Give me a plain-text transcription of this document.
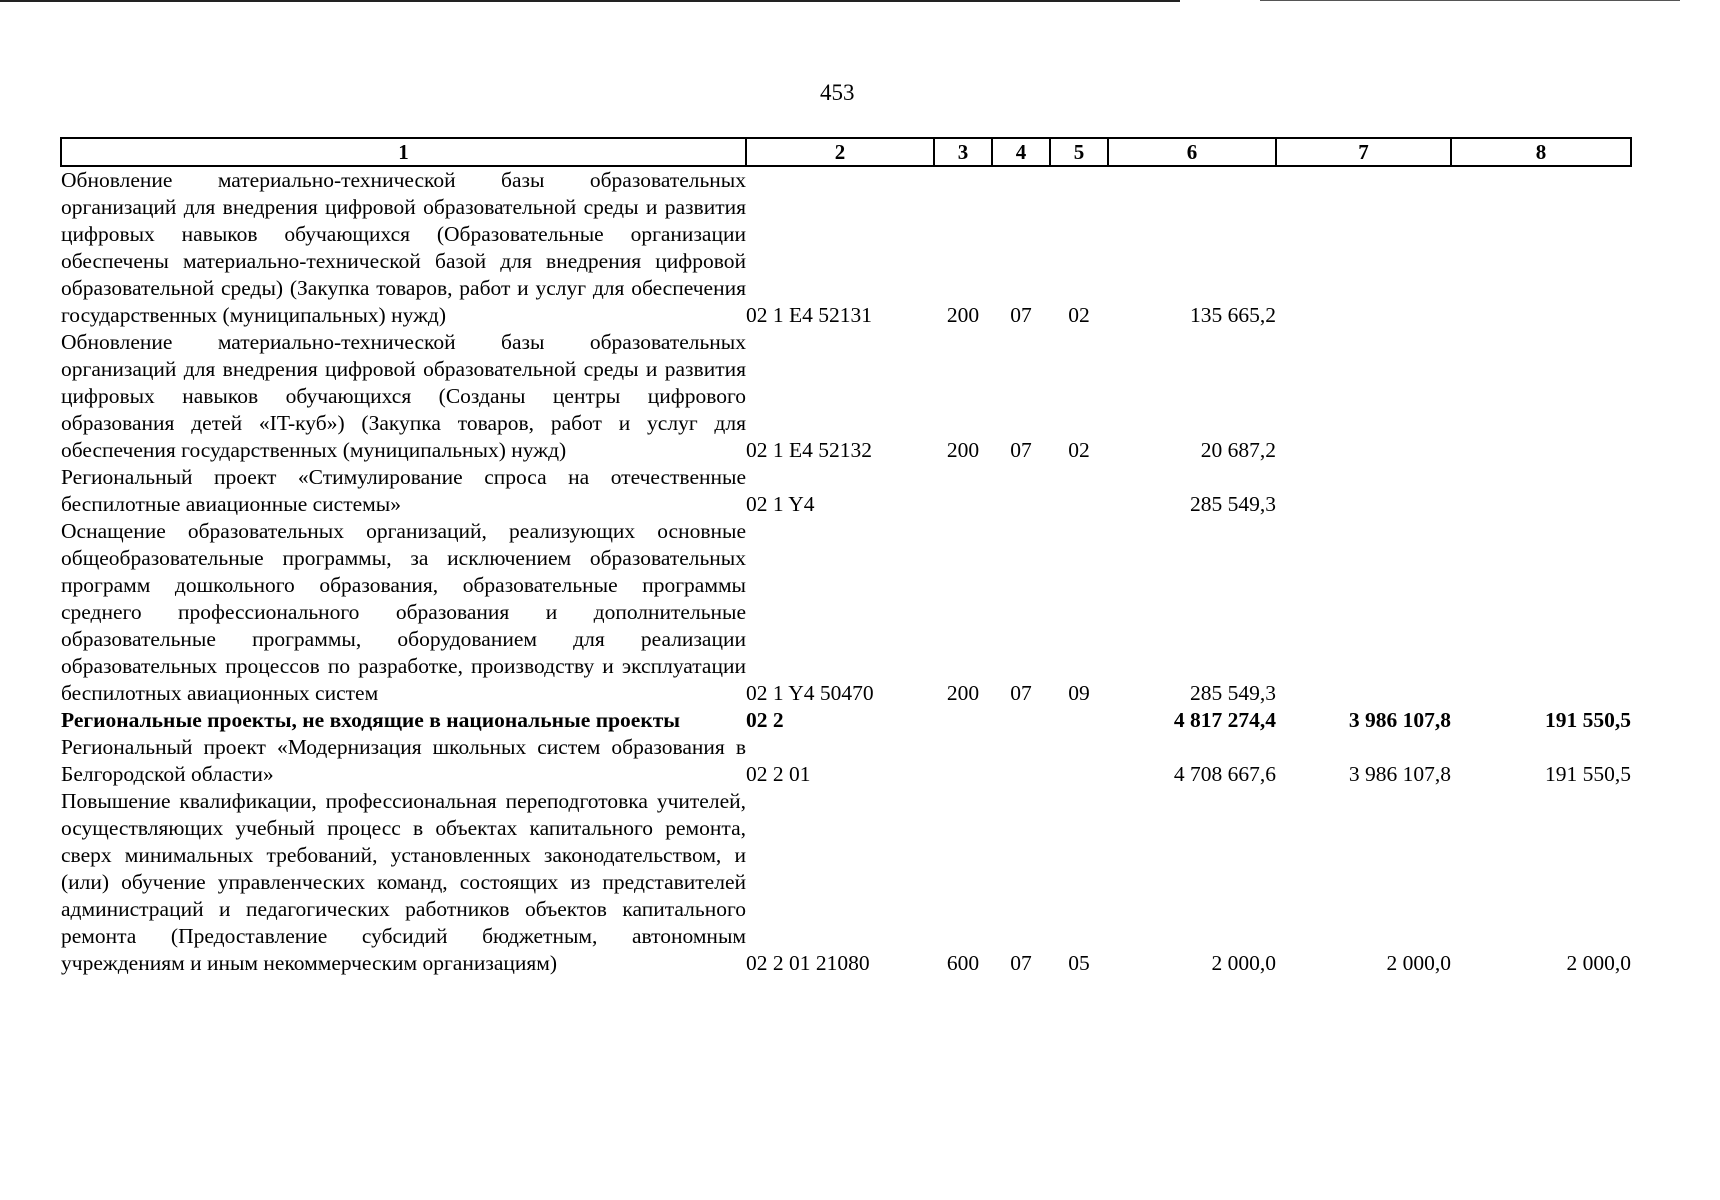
453
1	2	3	4	5	6	7	8
Обновление материально-технической базы образовательных организаций для внедрения цифровой образовательной среды и развития цифровых навыков обучающихся (Образовательные организации обеспечены материально-технической базой для внедрения цифровой образовательной среды) (Закупка товаров, работ и услуг для обеспечения государственных (муниципальных) нужд)	02 1 E4 52131	200	07	02	135 665,2		
Обновление материально-технической базы образовательных организаций для внедрения цифровой образовательной среды и развития цифровых навыков обучающихся (Созданы центры цифрового образования детей «IT-куб») (Закупка товаров, работ и услуг для обеспечения государственных (муниципальных) нужд)	02 1 E4 52132	200	07	02	20 687,2		
Региональный проект «Стимулирование спроса на отечественные беспилотные авиационные системы»	02 1 Y4				285 549,3		
Оснащение образовательных организаций, реализующих основные общеобразовательные программы, за исключением образовательных программ дошкольного образования, образовательные программы среднего профессионального образования и дополнительные образовательные программы, оборудованием для реализации образовательных процессов по разработке, производству и эксплуатации беспилотных авиационных систем	02 1 Y4 50470	200	07	09	285 549,3		
Региональные проекты, не входящие в национальные проекты	02 2				4 817 274,4	3 986 107,8	191 550,5
Региональный проект «Модернизация школьных систем образования в Белгородской области»	02 2 01				4 708 667,6	3 986 107,8	191 550,5
Повышение квалификации, профессиональная переподготовка учителей, осуществляющих учебный процесс в объектах капитального ремонта, сверх минимальных требований, установленных законодательством, и (или) обучение управленческих команд, состоящих из представителей администраций и педагогических работников объектов капитального ремонта (Предоставление субсидий бюджетным, автономным учреждениям и иным некоммерческим организациям)	02 2 01 21080	600	07	05	2 000,0	2 000,0	2 000,0
